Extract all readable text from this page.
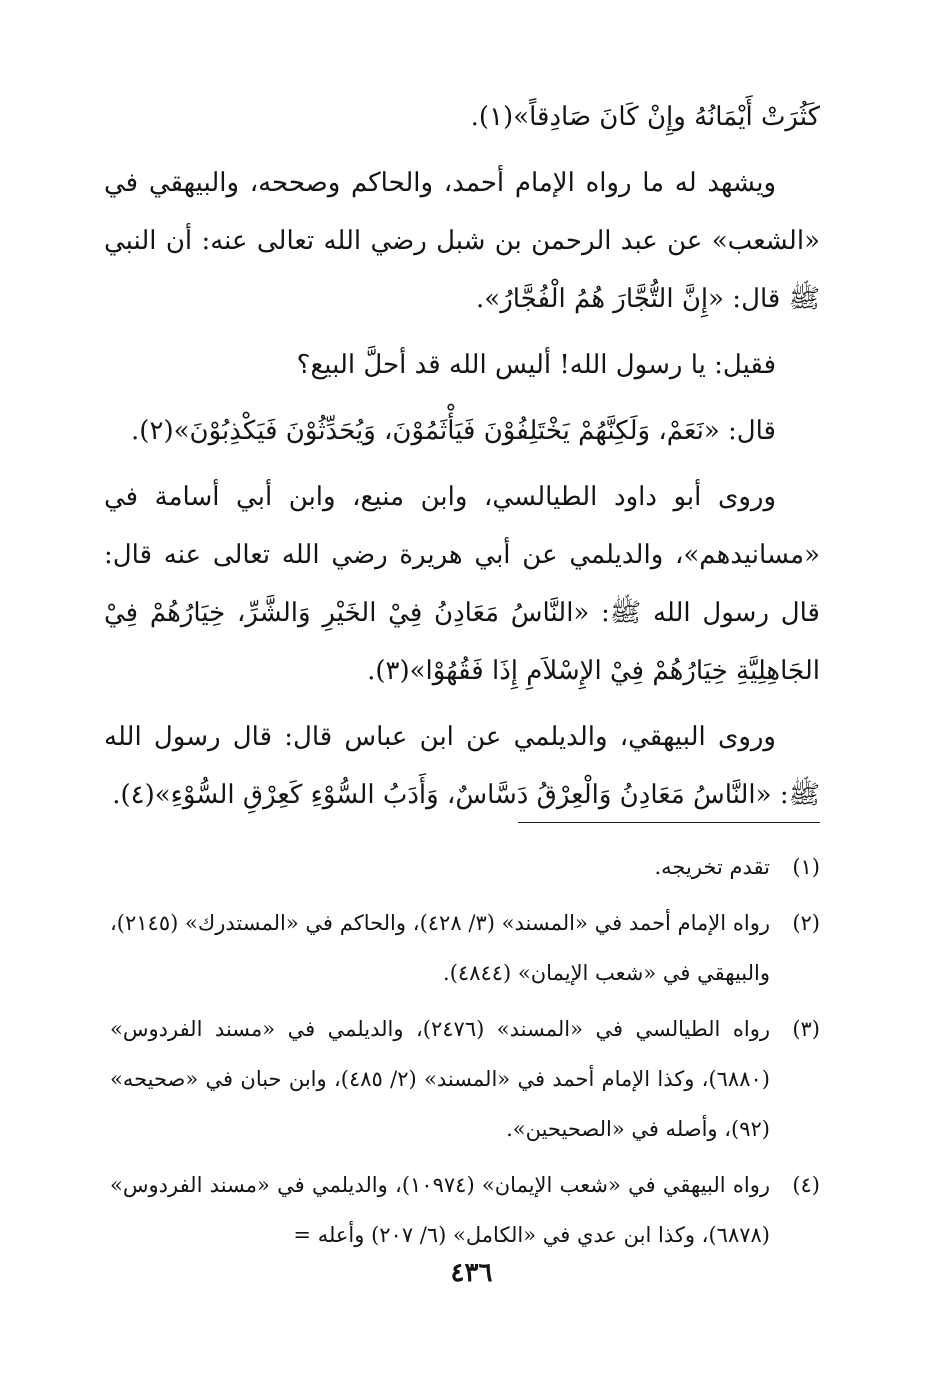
كَثُرَتْ أَيْمَانُهُ وإِنْ كَانَ صَادِقاً»(١).

ويشهد له ما رواه الإمام أحمد، والحاكم وصححه، والبيهقي في «الشعب» عن عبد الرحمن بن شبل رضي الله تعالى عنه: أن النبي ﷺ قال: «إِنَّ التُّجَّارَ هُمُ الْفُجَّارُ».

فقيل: يا رسول الله! أليس الله قد أحلَّ البيع؟

قال: «نَعَمْ، وَلَكِنَّهُمْ يَخْتَلِفُوْنَ فَيَأْثَمُوْنَ، وَيُحَدِّثُوْنَ فَيَكْذِبُوْنَ»(٢).

وروى أبو داود الطيالسي، وابن منيع، وابن أبي أسامة في «مسانيدهم»، والديلمي عن أبي هريرة رضي الله تعالى عنه قال: قال رسول الله ﷺ: «النَّاسُ مَعَادِنُ فِيْ الخَيْرِ وَالشَّرِّ، خِيَارُهُمْ فِيْ الجَاهِلِيَّةِ خِيَارُهُمْ فِيْ الإِسْلاَمِ إِذَا فَقُهُوْا»(٣).

وروى البيهقي، والديلمي عن ابن عباس قال: قال رسول الله ﷺ: «النَّاسُ مَعَادِنُ وَالْعِرْقُ دَسَّاسٌ، وَأَدَبُ السُّوْءِ كَعِرْقِ السُّوْءِ»(٤).

(١)
تقدم تخريجه.
(٢)
رواه الإمام أحمد في «المسند» (٣/ ٤٢٨)، والحاكم في «المستدرك» (٢١٤٥)، والبيهقي في «شعب الإيمان» (٤٨٤٤).
(٣)
رواه الطيالسي في «المسند» (٢٤٧٦)، والديلمي في «مسند الفردوس» (٦٨٨٠)، وكذا الإمام أحمد في «المسند» (٢/ ٤٨٥)، وابن حبان في «صحيحه» (٩٢)، وأصله في «الصحيحين».
(٤)
رواه البيهقي في «شعب الإيمان» (١٠٩٧٤)، والديلمي في «مسند الفردوس» (٦٨٧٨)، وكذا ابن عدي في «الكامل» (٦/ ٢٠٧) وأعله =
٤٣٦
